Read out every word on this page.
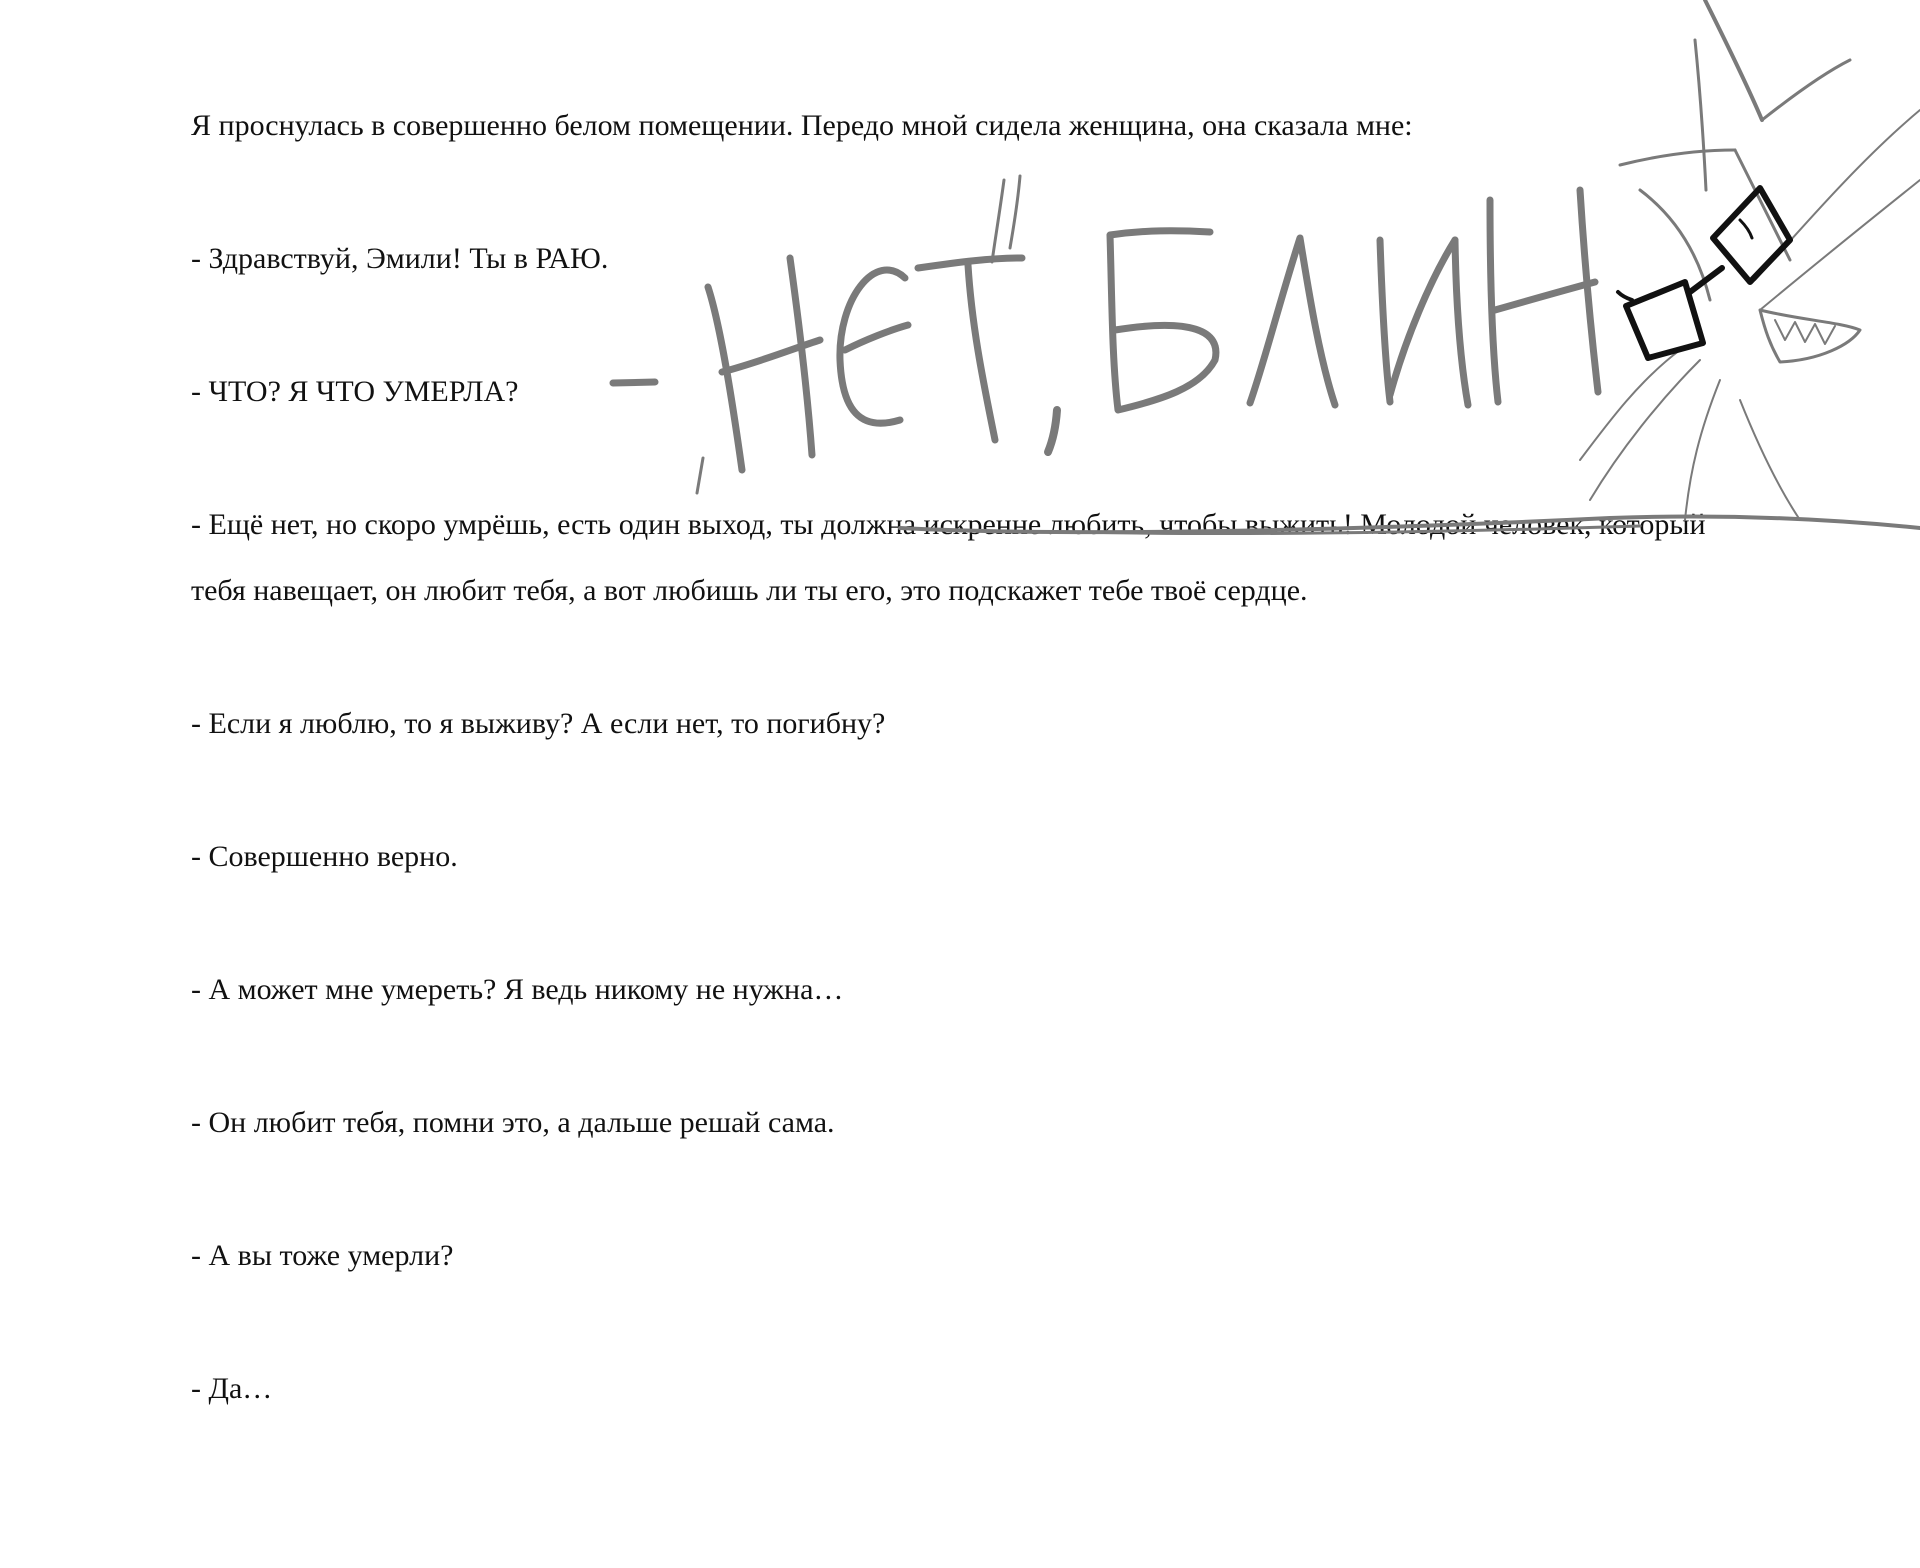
Я проснулась в совершенно белом помещении. Передо мной сидела женщина, она сказала мне:

- Здравствуй, Эмили! Ты в РАЮ.

- ЧТО? Я ЧТО УМЕРЛА?

- Ещё нет, но скоро умрёшь, есть один выход, ты должна искренне любить, чтобы выжить! Молодой человек, который тебя навещает, он любит тебя, а вот любишь ли ты его, это подскажет тебе твоё сердце.

- Если я люблю, то я выживу? А если нет, то погибну?

- Совершенно верно.

- А может мне умереть? Я ведь никому не нужна…

- Он любит тебя, помни это, а дальше решай сама.

- А вы тоже умерли?

- Да…
